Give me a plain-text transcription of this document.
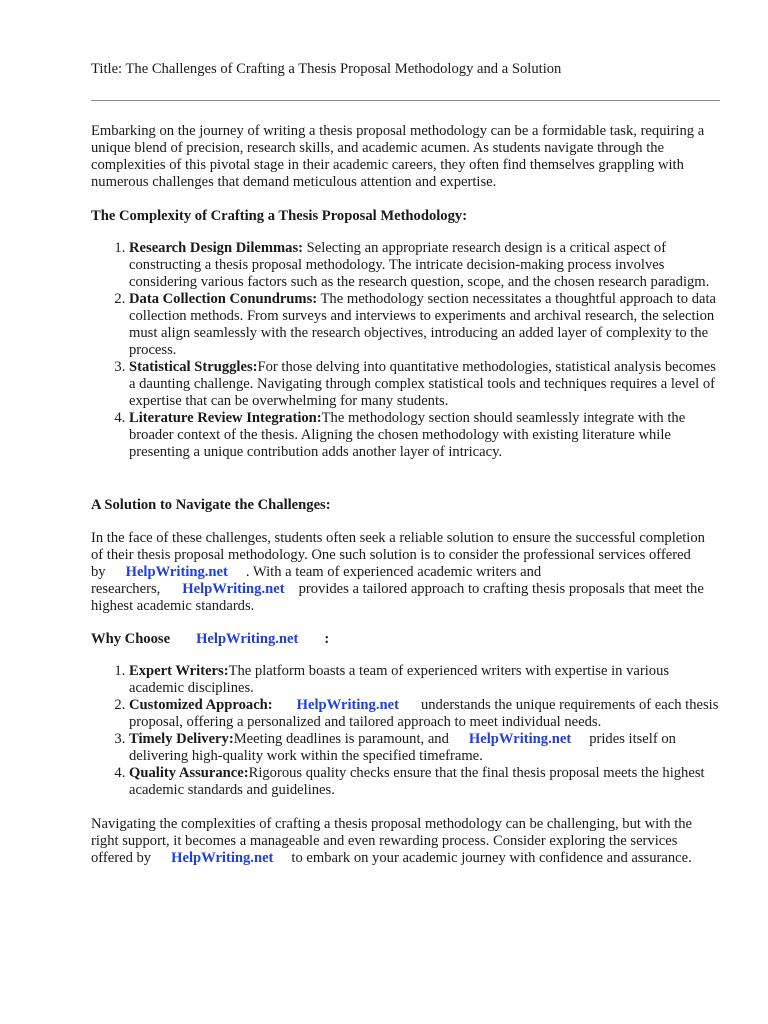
Title: The Challenges of Crafting a Thesis Proposal Methodology and a Solution

Embarking on the journey of writing a thesis proposal methodology can be a formidable task, requiring a unique blend of precision, research skills, and academic acumen. As students navigate through the complexities of this pivotal stage in their academic careers, they often find themselves grappling with numerous challenges that demand meticulous attention and expertise.

The Complexity of Crafting a Thesis Proposal Methodology:
1. Research Design Dilemmas: Selecting an appropriate research design is a critical aspect of constructing a thesis proposal methodology. The intricate decision-making process involves considering various factors such as the research question, scope, and the chosen research paradigm.
2. Data Collection Conundrums: The methodology section necessitates a thoughtful approach to data collection methods. From surveys and interviews to experiments and archival research, the selection must align seamlessly with the research objectives, introducing an added layer of complexity to the process.
3. Statistical Struggles:For those delving into quantitative methodologies, statistical analysis becomes a daunting challenge. Navigating through complex statistical tools and techniques requires a level of expertise that can be overwhelming for many students.
4. Literature Review Integration:The methodology section should seamlessly integrate with the broader context of the thesis. Aligning the chosen methodology with existing literature while presenting a unique contribution adds another layer of intricacy.
A Solution to Navigate the Challenges:

In the face of these challenges, students often seek a reliable solution to ensure the successful completion of their thesis proposal methodology. One such solution is to consider the professional services offered by HelpWriting.net . With a team of experienced academic writers and researchers, HelpWriting.net provides a tailored approach to crafting thesis proposals that meet the highest academic standards.

Why Choose HelpWriting.net :
1. Expert Writers:The platform boasts a team of experienced writers with expertise in various academic disciplines.
2. Customized Approach: HelpWriting.net understands the unique requirements of each thesis proposal, offering a personalized and tailored approach to meet individual needs.
3. Timely Delivery:Meeting deadlines is paramount, and HelpWriting.net prides itself on delivering high-quality work within the specified timeframe.
4. Quality Assurance:Rigorous quality checks ensure that the final thesis proposal meets the highest academic standards and guidelines.

Navigating the complexities of crafting a thesis proposal methodology can be challenging, but with the right support, it becomes a manageable and even rewarding process. Consider exploring the services offered by HelpWriting.net to embark on your academic journey with confidence and assurance.
